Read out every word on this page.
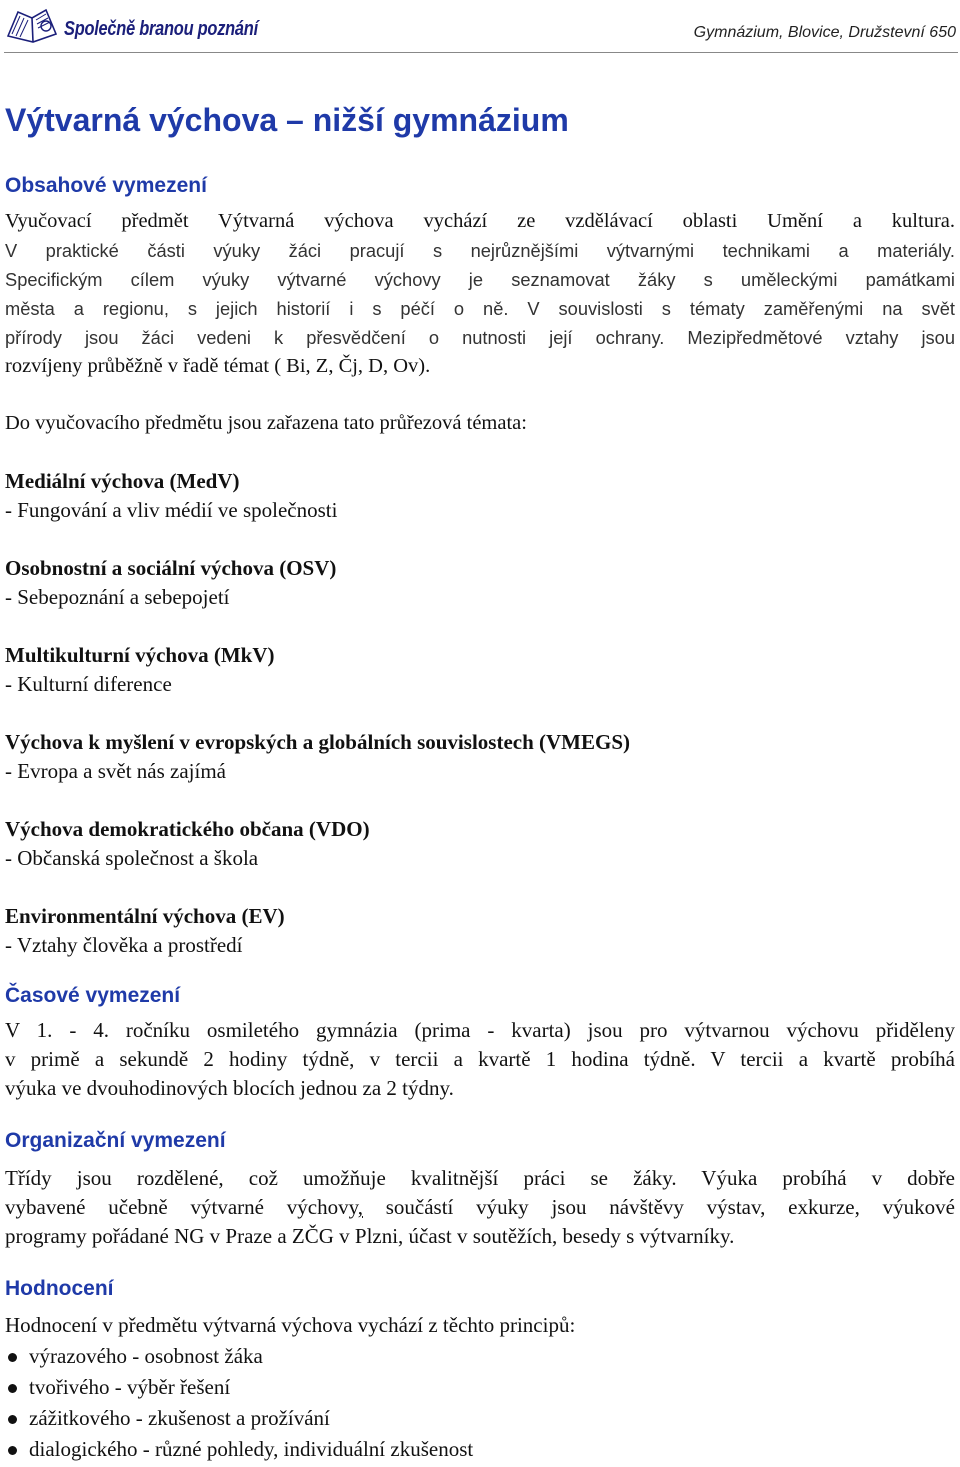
Společně branou poznání	Gymnázium, Blovice, Družstevní 650
Výtvarná výchova – nižší gymnázium
Obsahové vymezení

Vyučovací předmět Výtvarná výchova vychází ze vzdělávací oblasti Umění a kultura.

V praktické části výuky žáci pracují s nejrůznějšími výtvarnými technikami a materiály.

Specifickým cílem výuky výtvarné výchovy je seznamovat žáky s uměleckými památkami

města a regionu, s jejich historií i s péčí o ně. V souvislosti s tématy zaměřenými na svět

přírody jsou žáci vedeni k přesvědčení o nutnosti její ochrany. Mezipředmětové vztahy jsou

rozvíjeny průběžně v řadě témat ( Bi, Z, Čj, D, Ov).

Do vyučovacího předmětu jsou zařazena tato průřezová témata:

Mediální výchova (MedV)

- Fungování a vliv médií ve společnosti

Osobnostní a sociální výchova (OSV)

- Sebepoznání a sebepojetí

Multikulturní výchova (MkV)

- Kulturní diference

Výchova k myšlení v evropských a globálních souvislostech (VMEGS)

- Evropa a svět nás zajímá

Výchova demokratického občana (VDO)

- Občanská společnost a škola

Environmentální výchova (EV)

- Vztahy člověka a prostředí

Časové vymezení

V 1. - 4. ročníku osmiletého gymnázia (prima - kvarta) jsou pro výtvarnou výchovu přiděleny

v primě a sekundě 2 hodiny týdně, v tercii a kvartě 1 hodina týdně. V tercii a kvartě probíhá

výuka ve dvouhodinových blocích jednou za 2 týdny.

Organizační vymezení

Třídy jsou rozdělené, což umožňuje kvalitnější práci se žáky. Výuka probíhá v dobře

vybavené učebně výtvarné výchovy, součástí výuky jsou návštěvy výstav, exkurze, výukové

programy pořádané NG v Praze a ZČG v Plzni, účast v soutěžích, besedy s výtvarníky.

Hodnocení

Hodnocení v předmětu výtvarná výchova vychází z těchto principů:

výrazového - osobnost žáka
tvořivého - výběr řešení
zážitkového - zkušenost a prožívání
dialogického - různé pohledy, individuální zkušenost
